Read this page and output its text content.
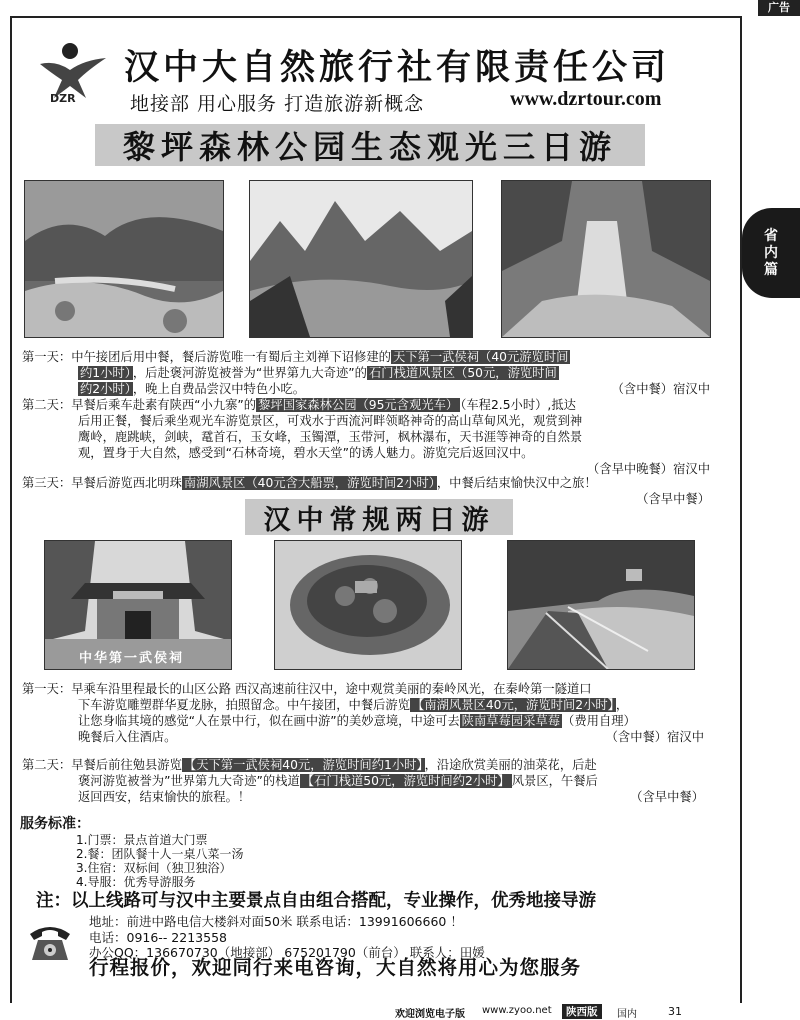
广告
省
内
篇
DZR
汉中大自然旅行社有限责任公司
地接部 用心服务 打造旅游新概念	www.dzrtour.com
黎坪森林公园生态观光三日游
第一天：中午接团后用中餐，餐后游览唯一有蜀后主刘禅下诏修建的 天下第一武侯祠（40元游览时间
约1小时） ，后赴褒河游览被誉为“世界第九大奇迹”的 石门栈道风景区（50元，游览时间
约2小时） ，晚上自费品尝汉中特色小吃。	（含中餐）宿汉中
第二天：早餐后乘车赴素有陕西“小九寨”的 黎坪国家森林公园（95元含观光车） （车程2.5小时）,抵达
后用正餐，餐后乘坐观光车游览景区，可戏水于西流河畔领略神奇的高山草甸风光，观赏到神
鹰岭，鹿跳峡，剑峡，鼋首石，玉女峰，玉镯潭，玉带河，枫林瀑布，天书涯等神奇的自然景
观，置身于大自然，感受到“石林奇境，碧水天堂”的诱人魅力。游览完后返回汉中。
（含早中晚餐）宿汉中
第三天：早餐后游览西北明珠 南湖风景区（40元含大船票，游览时间2小时） ，中餐后结束愉快汉中之旅！
（含早中餐）
汉中常规两日游
中华第一武侯祠
第一天：早乘车沿里程最长的山区公路 西汉高速前往汉中，途中观赏美丽的秦岭风光，在秦岭第一隧道口
下车游览雕塑群华夏龙脉，拍照留念。中午接团，中餐后游览 【南湖风景区40元，游览时间2小时】 ，
让您身临其境的感觉“人在景中行，似在画中游”的美妙意境，中途可去 陕南草莓园采草莓 （费用自理）
晚餐后入住酒店。	（含中餐）宿汉中
第二天：早餐后前往勉县游览 【天下第一武侯祠40元，游览时间约1小时】 ，沿途欣赏美丽的油菜花，后赴
褒河游览被誉为”世界第九大奇迹”的栈道 【石门栈道50元，游览时间约2小时】 风景区，午餐后
返回西安，结束愉快的旅程。！	（含早中餐）
服务标准：
1.门票：景点首道大门票
2.餐：团队餐十人一桌八菜一汤
3.住宿：双标间（独卫独浴）
4.导服：优秀导游服务
注：以上线路可与汉中主要景点自由组合搭配，专业操作，优秀地接导游
地址：前进中路电信大楼斜对面50米 联系电话：13991606660 ！
电话：0916-- 2213558
办公QQ：136670730（地接部） 675201790（前台） 联系人：田媛
行程报价，欢迎同行来电咨询，大自然将用心为您服务
欢迎浏览电子版 www.zyoo.net	陕西版	国内	31
